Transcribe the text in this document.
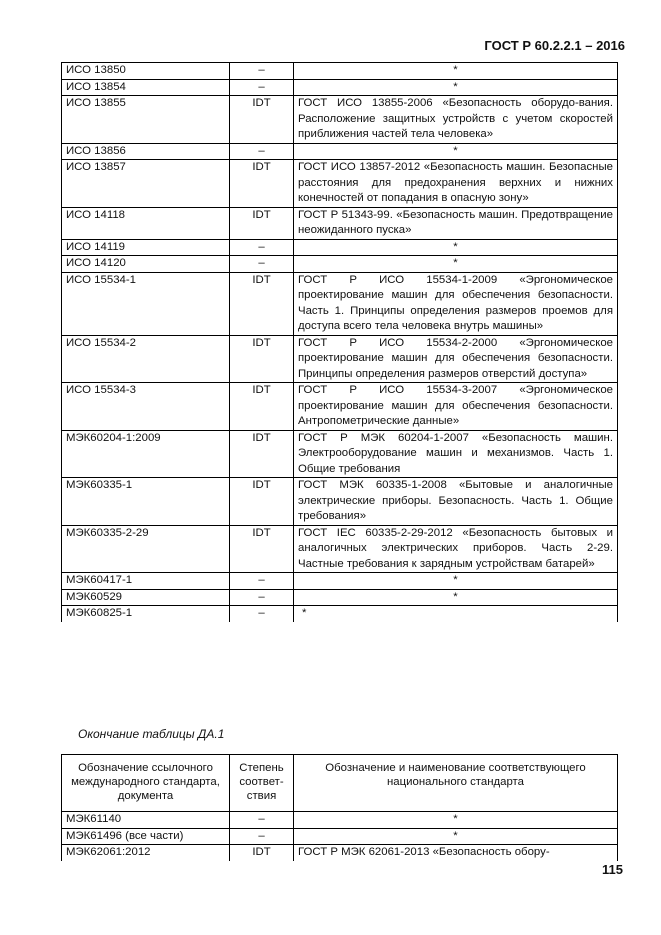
ГОСТ Р 60.2.2.1 – 2016
ИСО 13850	–	*
ИСО 13854	–	*
ИСО 13855	IDT	ГОСТ ИСО 13855-2006 «Безопасность оборудо-вания. Расположение защитных устройств с учетом скоростей приближения частей тела человека»
ИСО 13856	–	*
ИСО 13857	IDT	ГОСТ ИСО 13857-2012 «Безопасность машин. Безопасные расстояния для предохранения верхних и нижних конечностей от попадания в опасную зону»
ИСО 14118	IDT	ГОСТ Р 51343-99. «Безопасность машин. Предотвращение неожиданного пуска»
ИСО 14119	–	*
ИСО 14120	–	*
ИСО 15534-1	IDT	ГОСТ Р ИСО 15534-1-2009 «Эргономическое проектирование машин для обеспечения безопасности. Часть 1. Принципы определения размеров проемов для доступа всего тела человека внутрь машины»
ИСО 15534-2	IDT	ГОСТ Р ИСО 15534-2-2000 «Эргономическое проектирование машин для обеспечения безопасности. Принципы определения размеров отверстий доступа»
ИСО 15534-3	IDT	ГОСТ Р ИСО 15534-3-2007 «Эргономическое проектирование машин для обеспечения безопасности. Антропометрические данные»
МЭК60204-1:2009	IDT	ГОСТ Р МЭК 60204-1-2007 «Безопасность машин. Электрооборудование машин и механизмов. Часть 1. Общие требования
МЭК60335-1	IDT	ГОСТ МЭК 60335-1-2008 «Бытовые и аналогичные электрические приборы. Безопасность. Часть 1. Общие требования»
МЭК60335-2-29	IDT	ГОСТ IEC 60335-2-29-2012 «Безопасность бытовых и аналогичных электрических приборов. Часть 2-29. Частные требования к зарядным устройствам батарей»
МЭК60417-1	–	*
МЭК60529	–	*
МЭК60825-1	–	*
Окончание таблицы ДА.1
Обозначение ссылочного международного стандарта, документа	Степень соответ-ствия	Обозначение и наименование соответствующего национального стандарта
МЭК61140	–	*
МЭК61496 (все части)	–	*
МЭК62061:2012	IDT	ГОСТ Р МЭК 62061-2013 «Безопасность обору-
115
